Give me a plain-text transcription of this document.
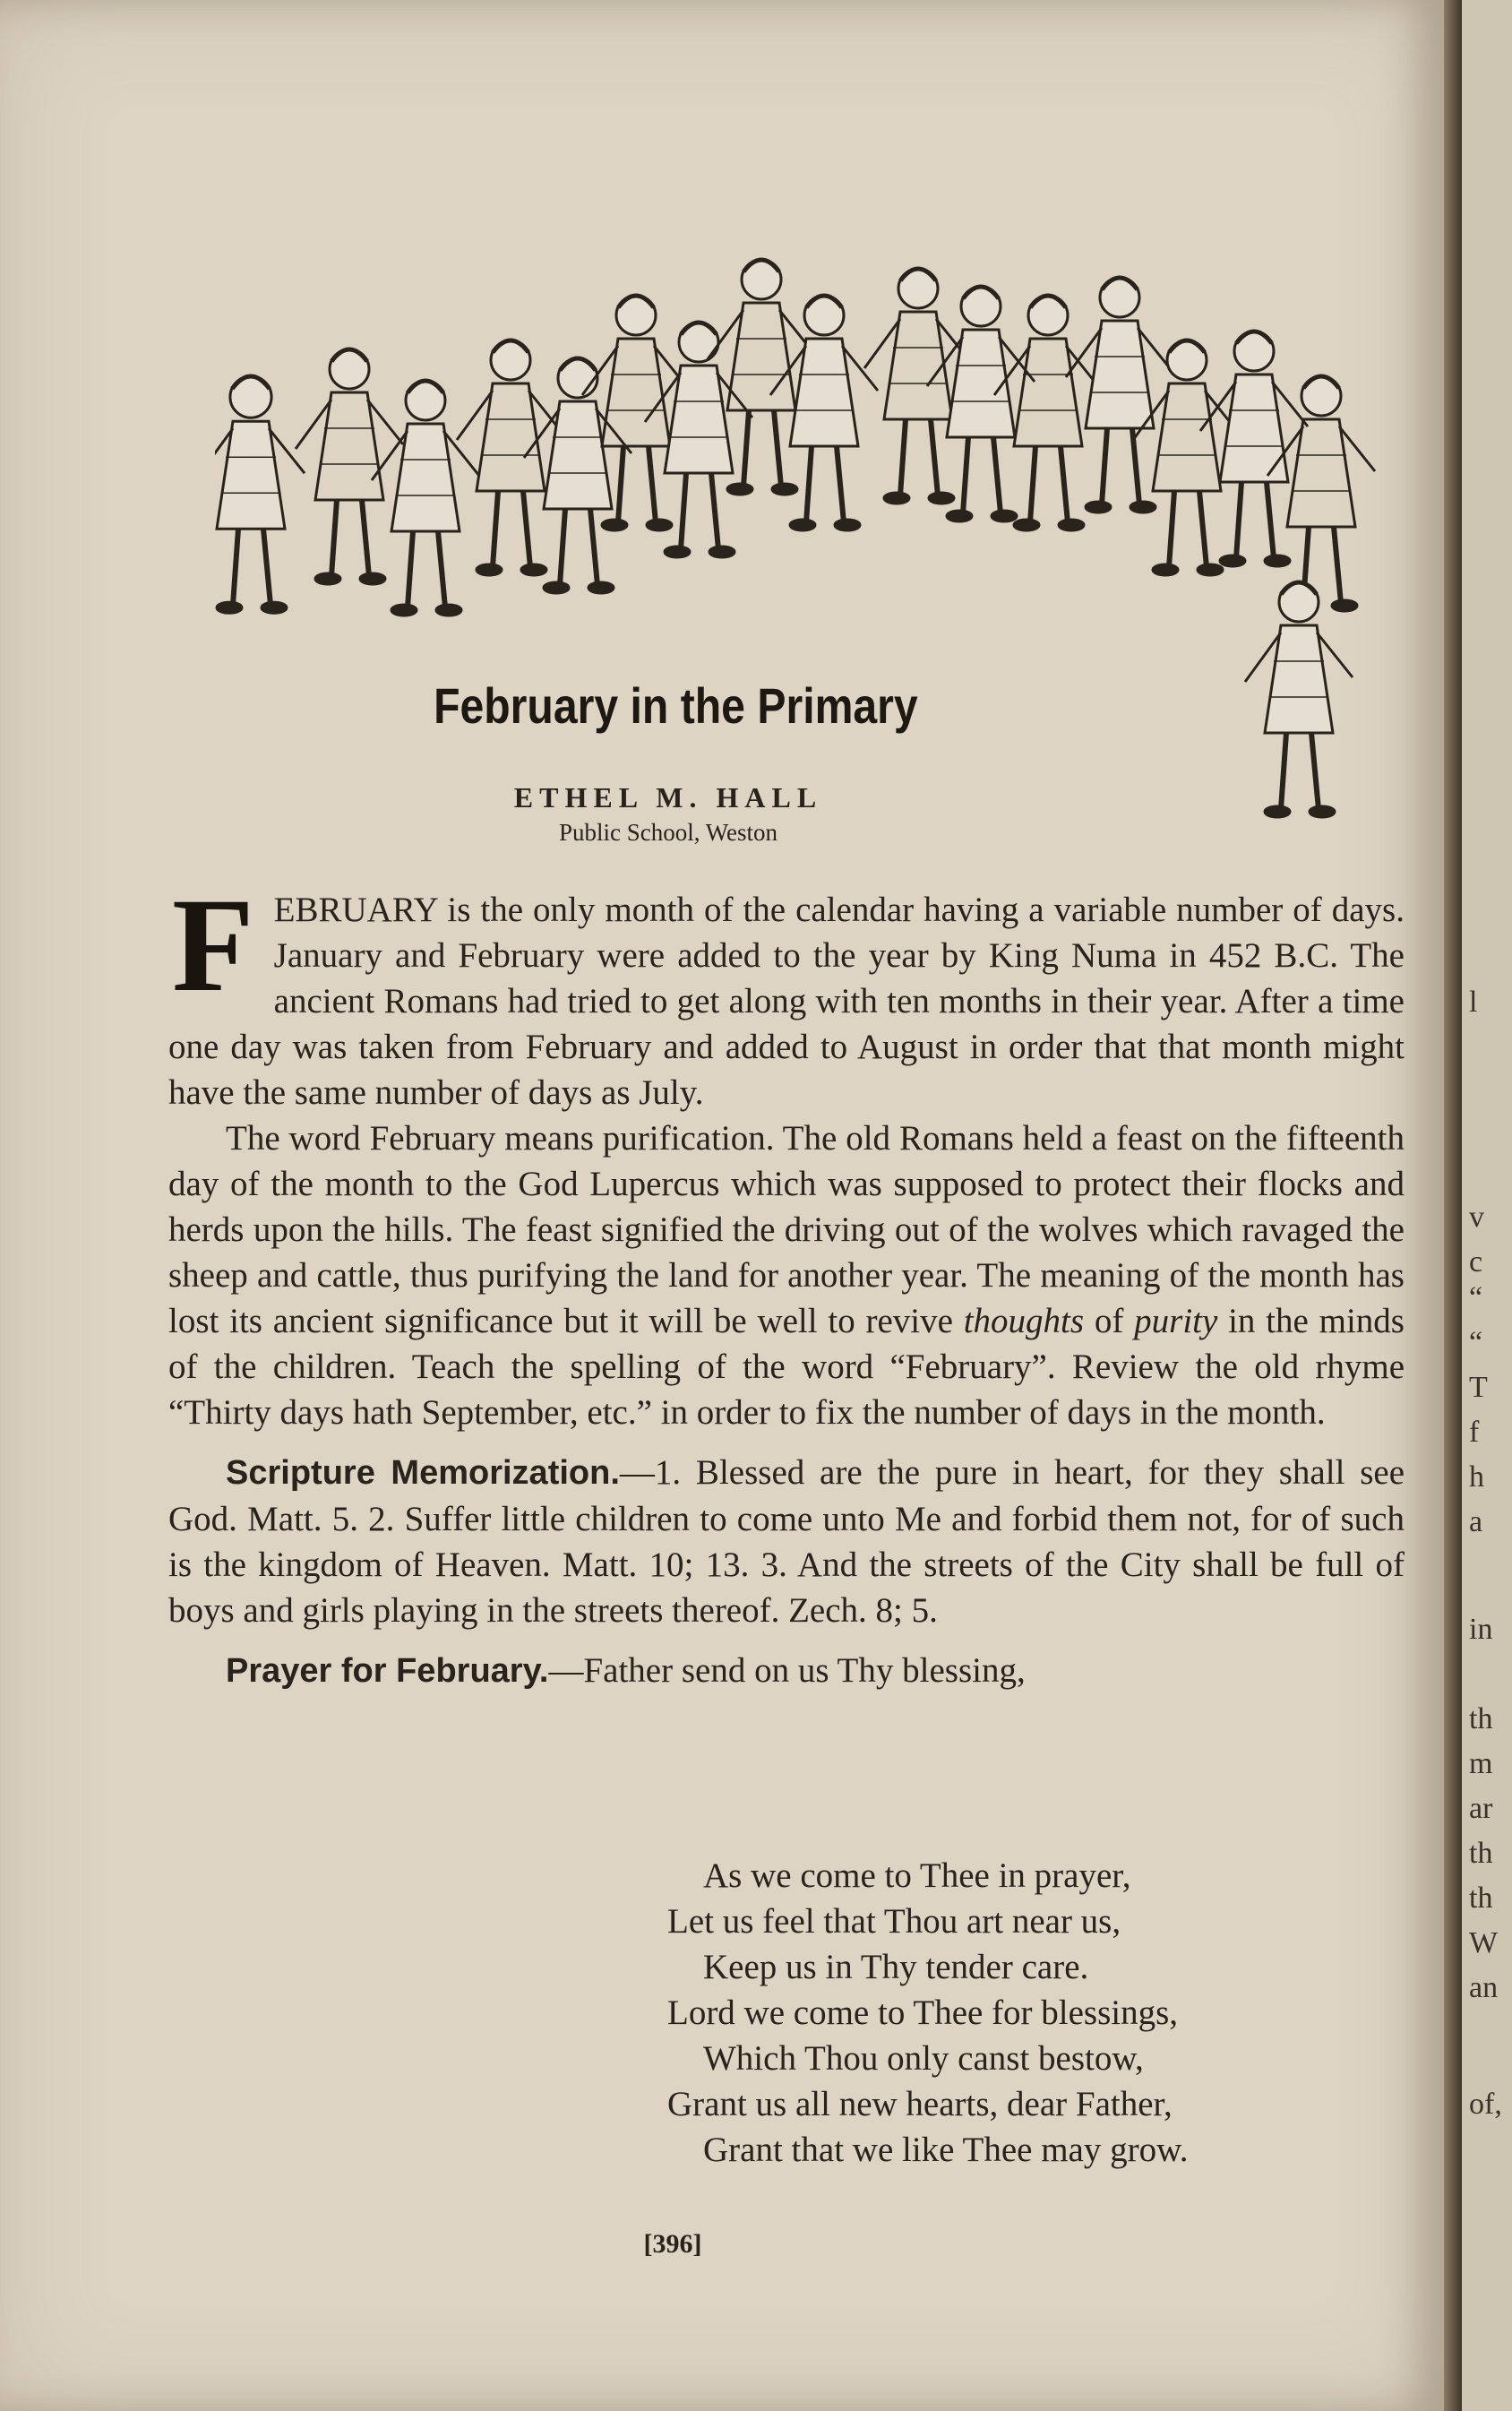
February in the Primary
ETHEL M. HALL
Public School, Weston

FEBRUARY is the only month of the calendar having a variable number of days. January and February were added to the year by King Numa in 452 B.C. The ancient Romans had tried to get along with ten months in their year. After a time one day was taken from February and added to August in order that that month might have the same number of days as July.

The word February means purification. The old Romans held a feast on the fifteenth day of the month to the God Lupercus which was supposed to protect their flocks and herds upon the hills. The feast signified the driving out of the wolves which ravaged the sheep and cattle, thus purifying the land for another year. The meaning of the month has lost its ancient significance but it will be well to revive thoughts of purity in the minds of the children. Teach the spelling of the word “February”. Review the old rhyme “Thirty days hath September, etc.” in order to fix the number of days in the month.

Scripture Memorization.—1. Blessed are the pure in heart, for they shall see God. Matt. 5. 2. Suffer little children to come unto Me and forbid them not, for of such is the kingdom of Heaven. Matt. 10; 13. 3. And the streets of the City shall be full of boys and girls playing in the streets thereof. Zech. 8; 5.

Prayer for February.—Father send on us Thy blessing,

As we come to Thee in prayer,
Let us feel that Thou art near us,
Keep us in Thy tender care.
Lord we come to Thee for blessings,
Which Thou only canst bestow,
Grant us all new hearts, dear Father,
Grant that we like Thee may grow.
[396]
l
v
c
“
“
T
f
h
a
in
th
m
ar
th
th
W
an
of,
